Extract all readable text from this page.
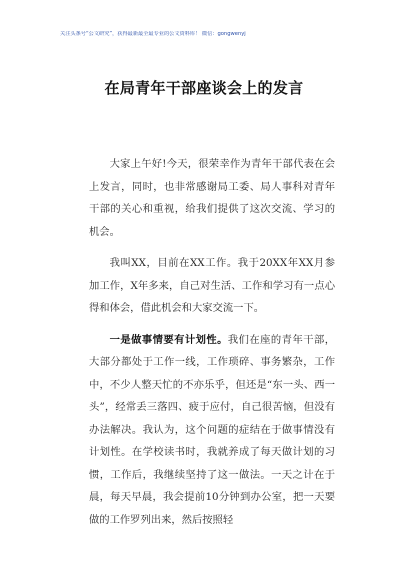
关注头条号“公文研究”，获得最新最全最专业的公文资料库！ 微信：gongwenyj
在局青年干部座谈会上的发言

大家上午好!今天，很荣幸作为青年干部代表在会上发言，同时，也非常感谢局工委、局人事科对青年干部的关心和重视，给我们提供了这次交流、学习的机会。

我叫XX，目前在XX工作。我于20XX年XX月参加工作，X年多来，自己对生活、工作和学习有一点心得和体会，借此机会和大家交流一下。

一是做事情要有计划性。我们在座的青年干部，大部分都处于工作一线，工作琐碎、事务繁杂，工作中，不少人整天忙的不亦乐乎，但还是“东一头、西一头”，经常丢三落四、疲于应付，自己很苦恼，但没有办法解决。我认为，这个问题的症结在于做事情没有计划性。在学校读书时，我就养成了每天做计划的习惯，工作后，我继续坚持了这一做法。一天之计在于晨，每天早晨，我会提前10分钟到办公室，把一天要做的工作罗列出来，然后按照轻
